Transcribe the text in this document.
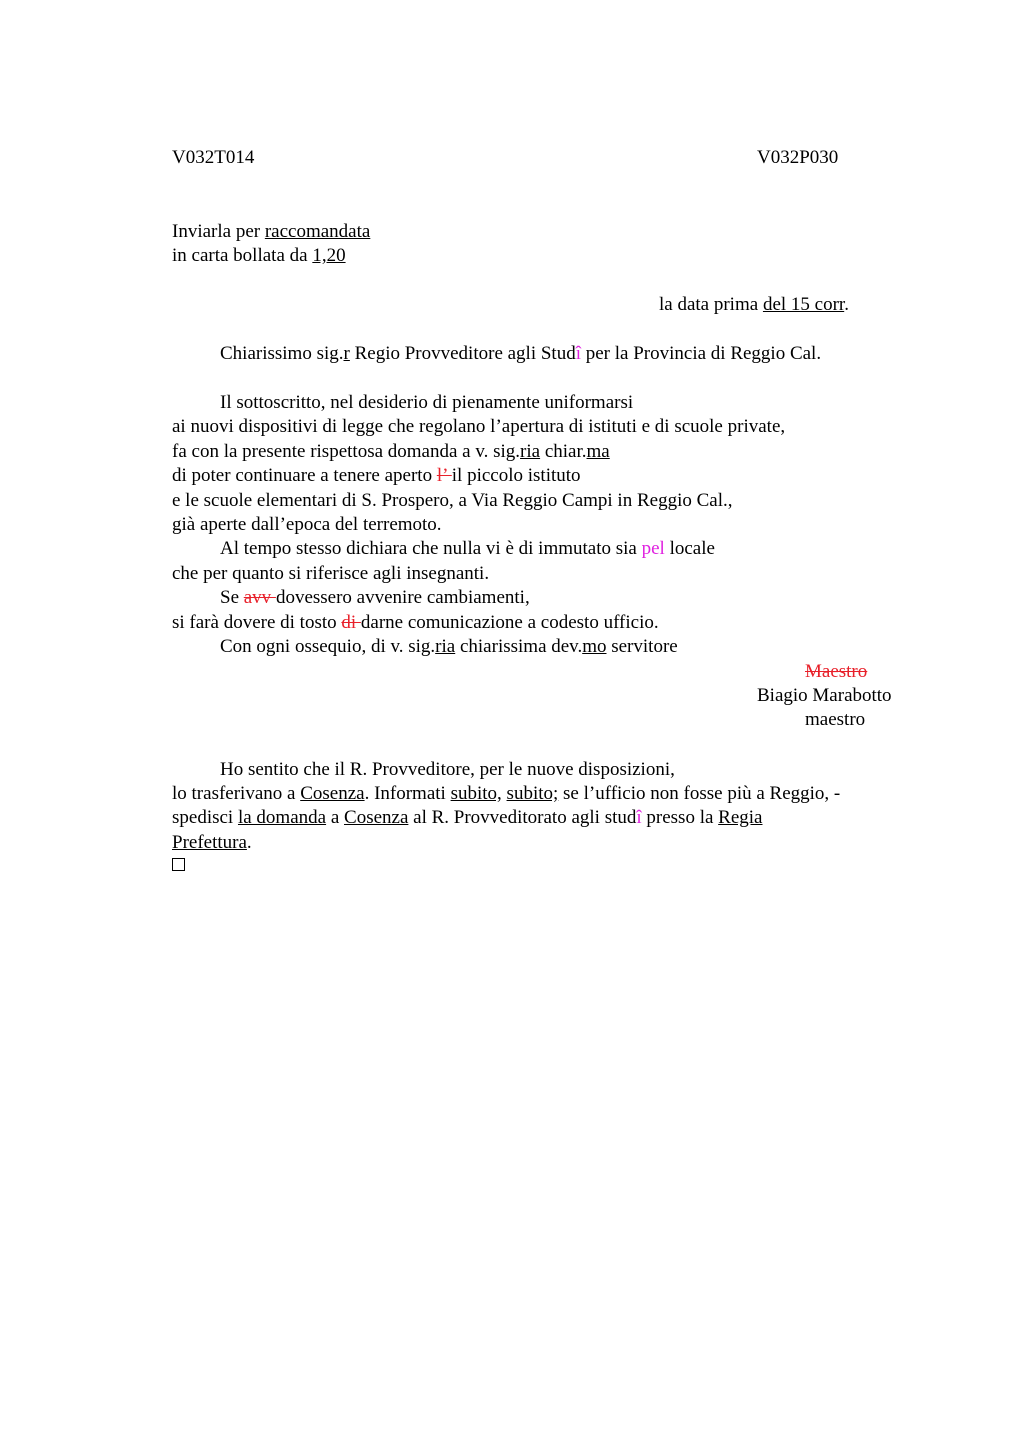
V032T014	V032P030
Inviarla per raccomandata
in carta bollata da 1,20
la data prima del 15 corr.
Chiarissimo sig.r Regio Provveditore agli Studî per la Provincia di Reggio Cal.
Il sottoscritto, nel desiderio di pienamente uniformarsi
ai nuovi dispositivi di legge che regolano l’apertura di istituti e di scuole private,
fa con la presente rispettosa domanda a v. sig.ria chiar.ma
di poter continuare a tenere aperto l’ il piccolo istituto
e le scuole elementari di S. Prospero, a Via Reggio Campi in Reggio Cal.,
già aperte dall’epoca del terremoto.
Al tempo stesso dichiara che nulla vi è di immutato sia pel locale
che per quanto si riferisce agli insegnanti.
Se avv dovessero avvenire cambiamenti,
si farà dovere di tosto di darne comunicazione a codesto ufficio.
Con ogni ossequio, di v. sig.ria chiarissima dev.mo servitore
Maestro
Biagio Marabotto
maestro
Ho sentito che il R. Provveditore, per le nuove disposizioni,
lo trasferivano a Cosenza. Informati subito, subito; se l’ufficio non fosse più a Reggio, -
spedisci la domanda a Cosenza al R. Provveditorato agli studî presso la Regia
Prefettura.
